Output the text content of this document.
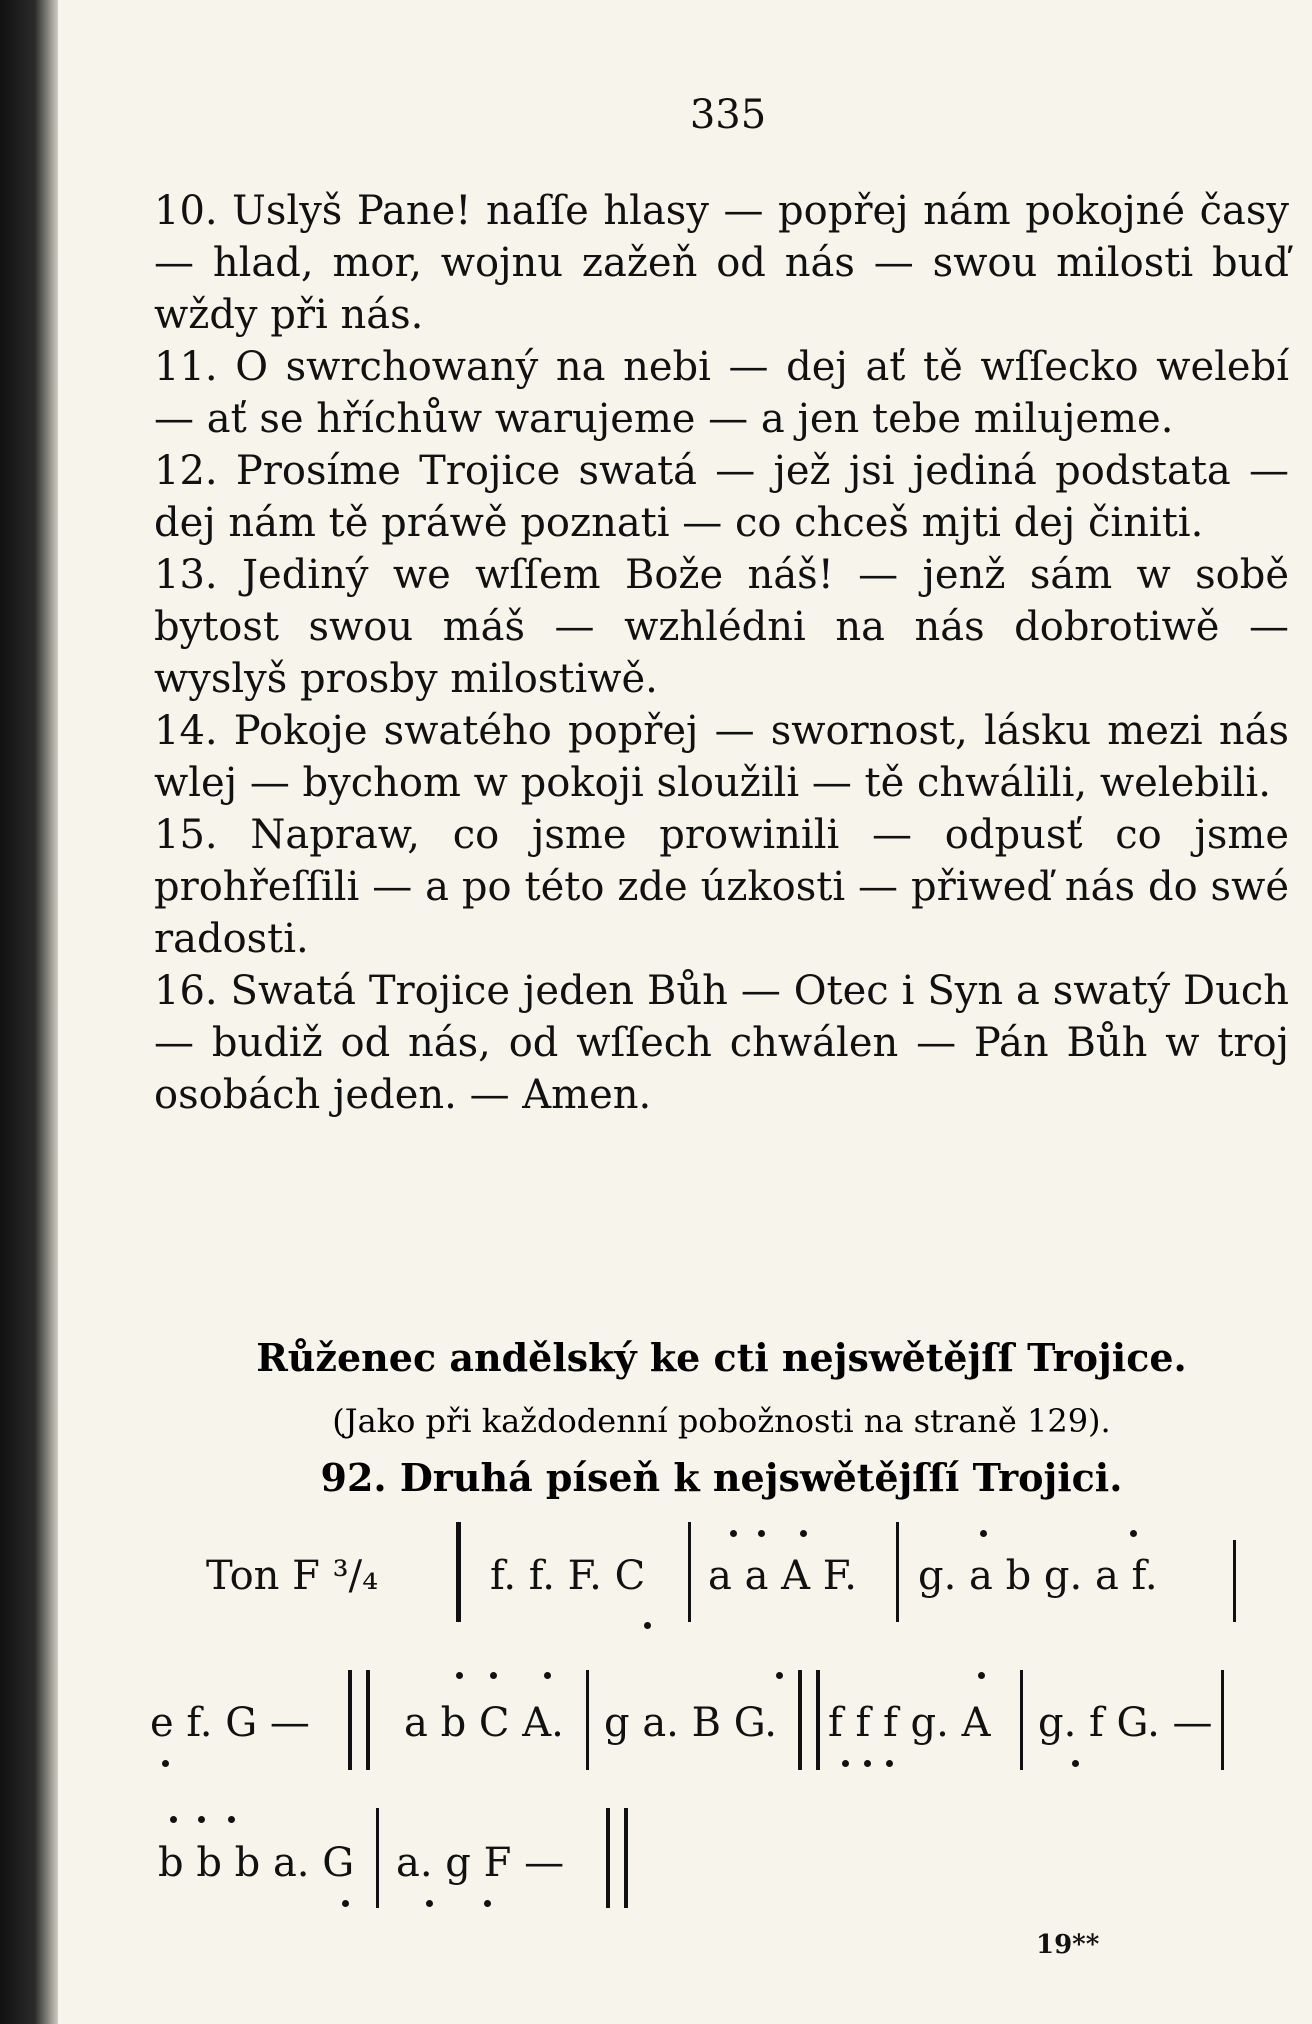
335

10. Uslyš Pane! naſſe hlasy — popřej nám pokojné časy — hlad, mor, wojnu zažeň od nás — swou milosti buď wždy při nás.

11. O swrchowaný na nebi — dej ať tě wſſecko welebí — ať se hříchůw warujeme — a jen tebe milujeme.

12. Prosíme Trojice swatá — jež jsi jediná podstata — dej nám tě práwě poznati — co chceš mjti dej činiti.

13. Jediný we wſſem Bože náš! — jenž sám w sobě bytost swou máš — wzhlédni na nás dobrotiwě — wyslyš prosby milostiwě.

14. Pokoje swatého popřej — swornost, lásku mezi nás wlej — bychom w pokoji sloužili — tě chwálili, welebili.

15. Napraw, co jsme prowinili — odpusť co jsme prohřeſſili — a po této zde úzkosti — přiweď nás do swé radosti.

16. Swatá Trojice jeden Bůh — Otec i Syn a swatý Duch — budiž od nás, od wſſech chwálen — Pán Bůh w troj osobách jeden. — Amen.

Růženec andělský ke cti nejswětějſſ Trojice.
(Jako při každodenní pobožnosti na straně 129).
92. Druhá píseň k nejswětějſſí Trojici.
Ton F ³/₄	f. f. F. C a a A F. g. a b g. a f.
e f. G — a b C A. g a. B G. f f f g. A g. f G. —
b b b a. G a. g F —
19**
